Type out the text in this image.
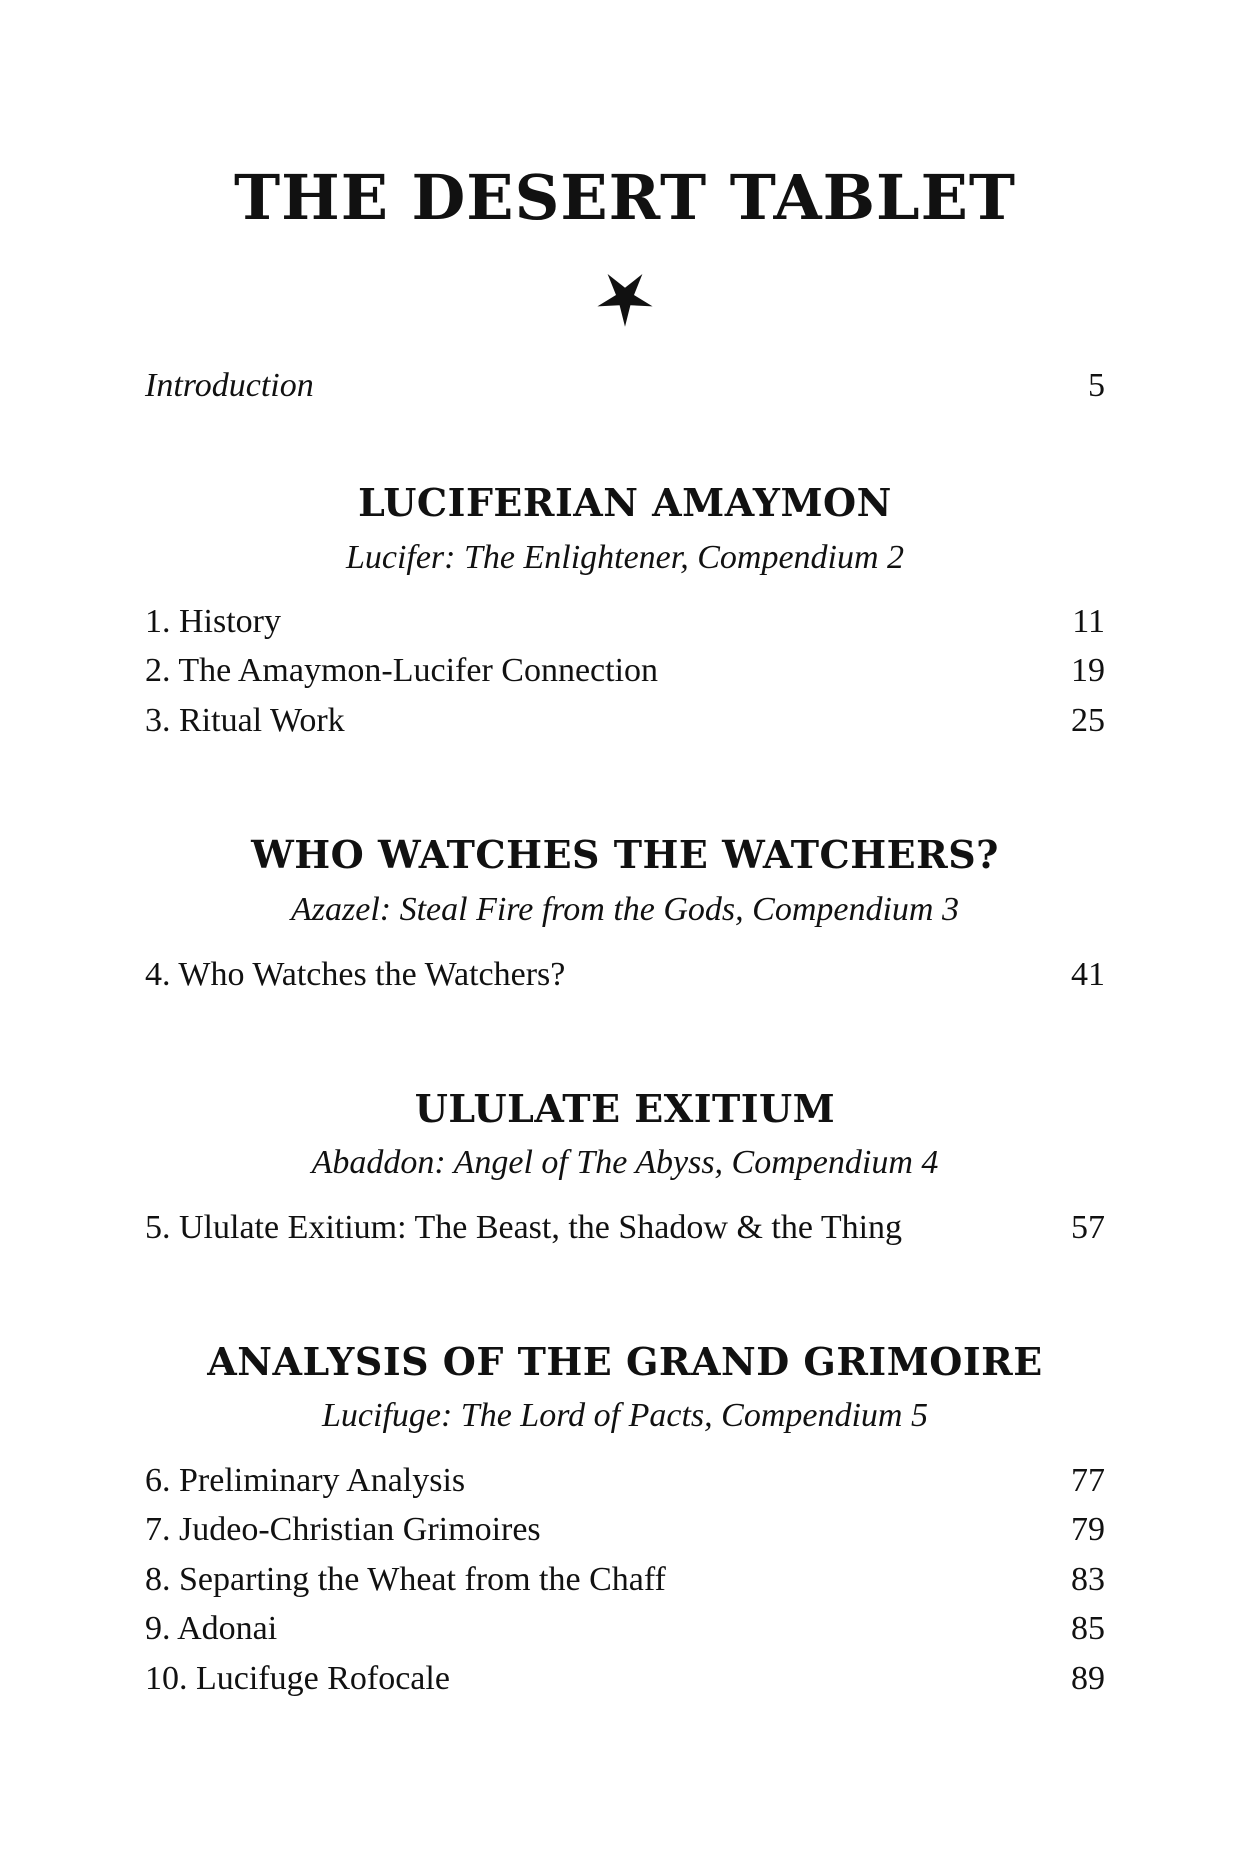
THE DESERT TABLET
Introduction	5
LUCIFERIAN AMAYMON
Lucifer: The Enlightener, Compendium 2
1. History	11
2. The Amaymon-Lucifer Connection	19
3. Ritual Work	25
WHO WATCHES THE WATCHERS?
Azazel: Steal Fire from the Gods, Compendium 3
4. Who Watches the Watchers?	41
ULULATE EXITIUM
Abaddon: Angel of The Abyss, Compendium 4
5. Ululate Exitium: The Beast, the Shadow & the Thing	57
ANALYSIS OF THE GRAND GRIMOIRE
Lucifuge: The Lord of Pacts, Compendium 5
6. Preliminary Analysis	77
7. Judeo-Christian Grimoires	79
8. Separting the Wheat from the Chaff	83
9. Adonai	85
10. Lucifuge Rofocale	89
